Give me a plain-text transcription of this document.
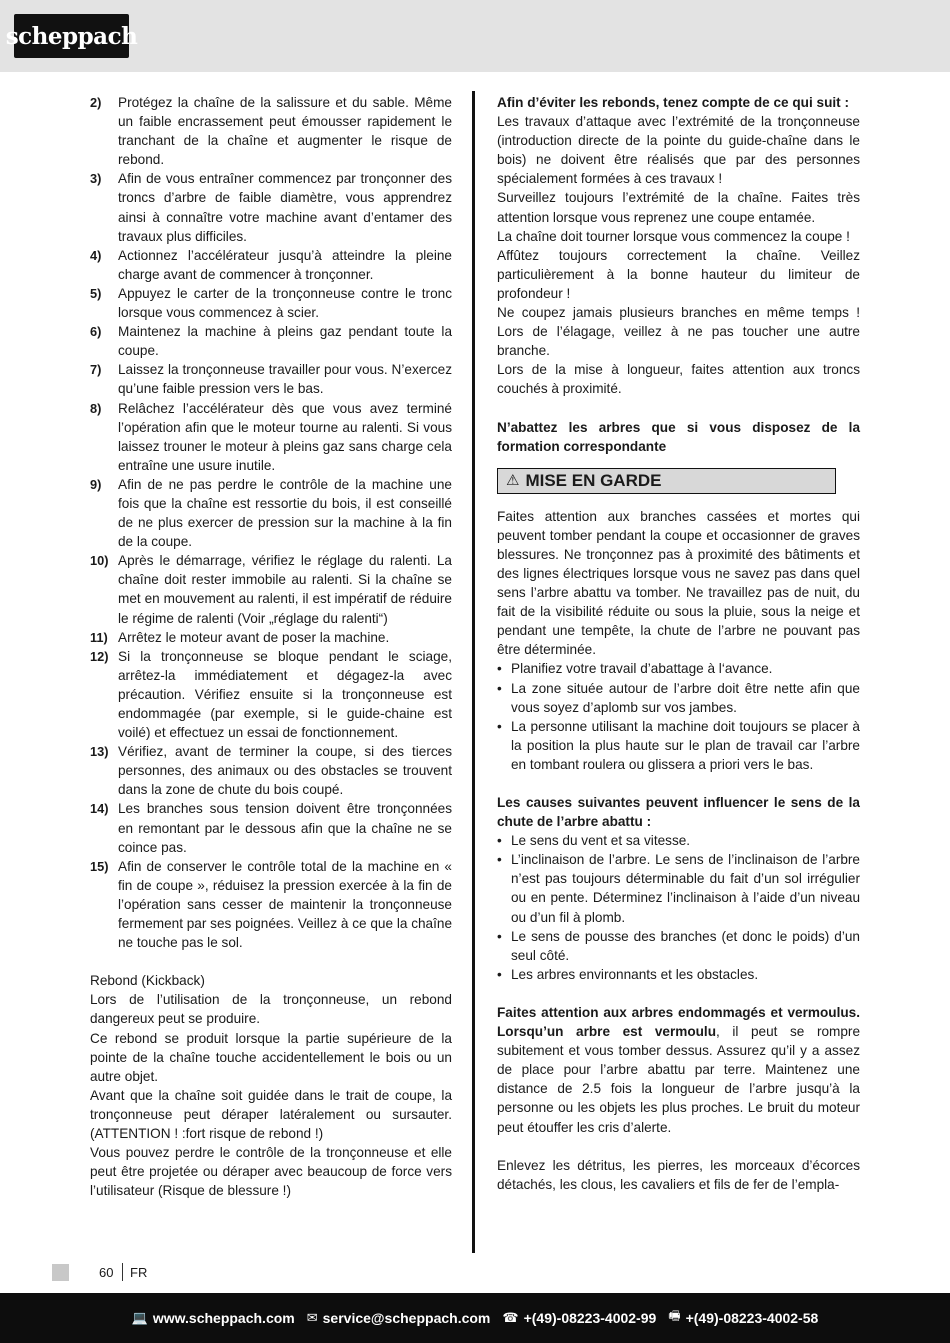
scheppach
2)	Protégez la chaîne de la salissure et du sable. Même un faible encrassement peut émousser rapidement le tranchant de la chaîne et augmenter le risque de rebond.
3)	Afin de vous entraîner commencez par tronçonner des troncs d’arbre de faible diamètre, vous apprendrez ainsi à connaître votre machine avant d’entamer des travaux plus difficiles.
4)	Actionnez l’accélérateur jusqu’à atteindre la pleine charge avant de commencer à tronçonner.
5)	Appuyez le carter de la tronçonneuse contre le tronc lorsque vous commencez à scier.
6)	Maintenez la machine à pleins gaz pendant toute la coupe.
7)	Laissez la tronçonneuse travailler pour vous. N’exercez qu’une faible pression vers le bas.
8)	Relâchez l’accélérateur dès que vous avez terminé l’opération afin que le moteur tourne au ralenti. Si vous laissez trouner le moteur à pleins gaz sans charge cela entraîne une usure inutile.
9)	Afin de ne pas perdre le contrôle de la machine une fois que la chaîne est ressortie du bois, il est conseillé de ne plus exercer de pression sur la machine à la fin de la coupe.
10) Après le démarrage, vérifiez le réglage du ralenti. La chaîne doit rester immobile au ralenti. Si la chaîne se met en mouvement au ralenti, il est impératif de réduire le régime de ralenti (Voir „réglage du ralenti“)
11) Arrêtez le moteur avant de poser la machine.
12) Si la tronçonneuse se bloque pendant le sciage, arrêtez-la immédiatement et dégagez-la avec précaution. Vérifiez ensuite si la tronçonneuse est endommagée (par exemple, si le guide-chaine est voilé) et effectuez un essai de fonctionnement.
13) Vérifiez, avant de terminer la coupe, si des tierces personnes, des animaux ou des obstacles se trouvent dans la zone de chute du bois coupé.
14) Les branches sous tension doivent être tronçonnées en remontant par le dessous afin que la chaîne ne se coince pas.
15) Afin de conserver le contrôle total de la machine en « fin de coupe », réduisez la pression exercée à la fin de l’opération sans cesser de maintenir la tronçonneuse fermement par ses poignées. Veillez à ce que la chaîne ne touche pas le sol.

Rebond (Kickback)

Lors de l’utilisation de la tronçonneuse, un rebond dangereux peut se produire.

Ce rebond se produit lorsque la partie supérieure de la pointe de la chaîne touche accidentellement le bois ou un autre objet.

Avant que la chaîne soit guidée dans le trait de coupe, la tronçonneuse peut déraper latéralement ou sursauter. (ATTENTION ! :fort risque de rebond !)

Vous pouvez perdre le contrôle de la tronçonneuse et elle peut être projetée ou déraper avec beaucoup de force vers l’utilisateur (Risque de blessure !)

Afin d’éviter les rebonds, tenez compte de ce qui suit :

Les travaux d’attaque avec l’extrémité de la tronçonneuse (introduction directe de la pointe du guide-chaîne dans le bois) ne doivent être réalisés que par des personnes spécialement formées à ces travaux !

Surveillez toujours l’extrémité de la chaîne. Faites très attention lorsque vous reprenez une coupe entamée.

La chaîne doit tourner lorsque vous commencez la coupe !

Affûtez toujours correctement la chaîne. Veillez particulièrement à la bonne hauteur du limiteur de profondeur !

Ne coupez jamais plusieurs branches en même temps ! Lors de l’élagage, veillez à ne pas toucher une autre branche.

Lors de la mise à longueur, faites attention aux troncs couchés à proximité.

N’abattez les arbres que si vous disposez de la formation correspondante

⚠ MISE EN GARDE

Faites attention aux branches cassées et mortes qui peuvent tomber pendant la coupe et occasionner de graves blessures. Ne tronçonnez pas à proximité des bâtiments et des lignes électriques lorsque vous ne savez pas dans quel sens l’arbre abattu va tomber. Ne travaillez pas de nuit, du fait de la visibilité réduite ou sous la pluie, sous la neige et pendant une tempête, la chute de l’arbre ne pouvant pas être déterminée.

• Planifiez votre travail d’abattage à l‘avance.
• La zone située autour de l’arbre doit être nette afin que vous soyez d’aplomb sur vos jambes.
• La personne utilisant la machine doit toujours se placer à la position la plus haute sur le plan de travail car l’arbre en tombant roulera ou glissera a priori vers le bas.

Les causes suivantes peuvent influencer le sens de la chute de l’arbre abattu :

• Le sens du vent et sa vitesse.
• L’inclinaison de l’arbre. Le sens de l’inclinaison de l’arbre n’est pas toujours déterminable du fait d’un sol irrégulier ou en pente. Déterminez l’inclinaison à l’aide d’un niveau ou d’un fil à plomb.
• Le sens de pousse des branches (et donc le poids) d’un seul côté.
• Les arbres environnants et les obstacles.

Faites attention aux arbres endommagés et vermoulus. Lorsqu’un arbre est vermoulu, il peut se rompre subitement et vous tomber dessus. Assurez qu’il y a assez de place pour l’arbre abattu par terre. Maintenez une distance de 2.5 fois la longueur de l’arbre jusqu’à la personne ou les objets les plus proches. Le bruit du moteur peut étouffer les cris d’alerte.

Enlevez les détritus, les pierres, les morceaux d’écorces détachés, les clous, les cavaliers et fils de fer de l’empla-

60 FR
💻 www.scheppach.com ✉ service@scheppach.com ☎ +(49)-08223-4002-99 🖷 +(49)-08223-4002-58
